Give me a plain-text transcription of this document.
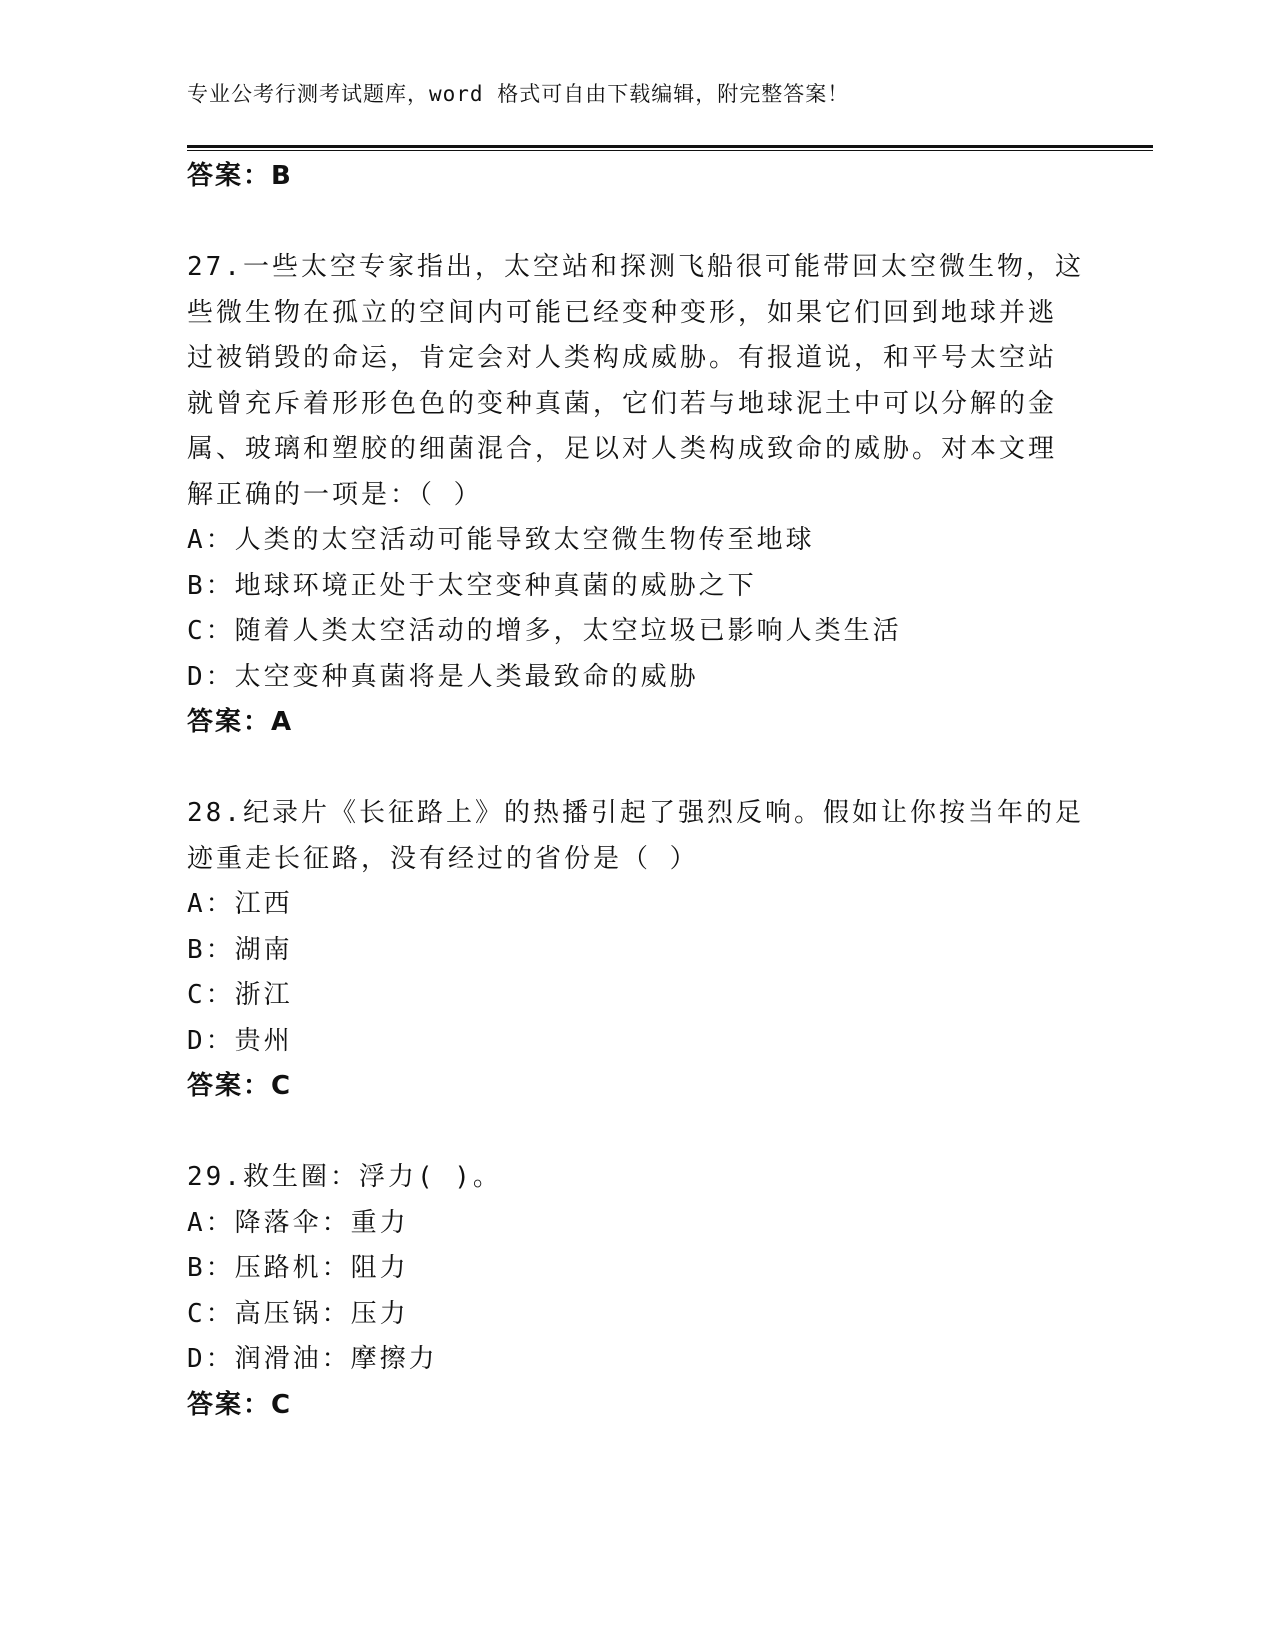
专业公考行测考试题库，word 格式可自由下载编辑，附完整答案！
答案：B
27.一些太空专家指出，太空站和探测飞船很可能带回太空微生物，这
些微生物在孤立的空间内可能已经变种变形，如果它们回到地球并逃
过被销毁的命运，肯定会对人类构成威胁。有报道说，和平号太空站
就曾充斥着形形色色的变种真菌，它们若与地球泥土中可以分解的金
属、玻璃和塑胶的细菌混合，足以对人类构成致命的威胁。对本文理
解正确的一项是：（ ）
A：人类的太空活动可能导致太空微生物传至地球
B：地球环境正处于太空变种真菌的威胁之下
C：随着人类太空活动的增多，太空垃圾已影响人类生活
D：太空变种真菌将是人类最致命的威胁
答案：A
28.纪录片《长征路上》的热播引起了强烈反响。假如让你按当年的足
迹重走长征路，没有经过的省份是（ ）
A：江西
B：湖南
C：浙江
D：贵州
答案：C
29.救生圈：浮力( )。
A：降落伞：重力
B：压路机：阻力
C：高压锅：压力
D：润滑油：摩擦力
答案：C
